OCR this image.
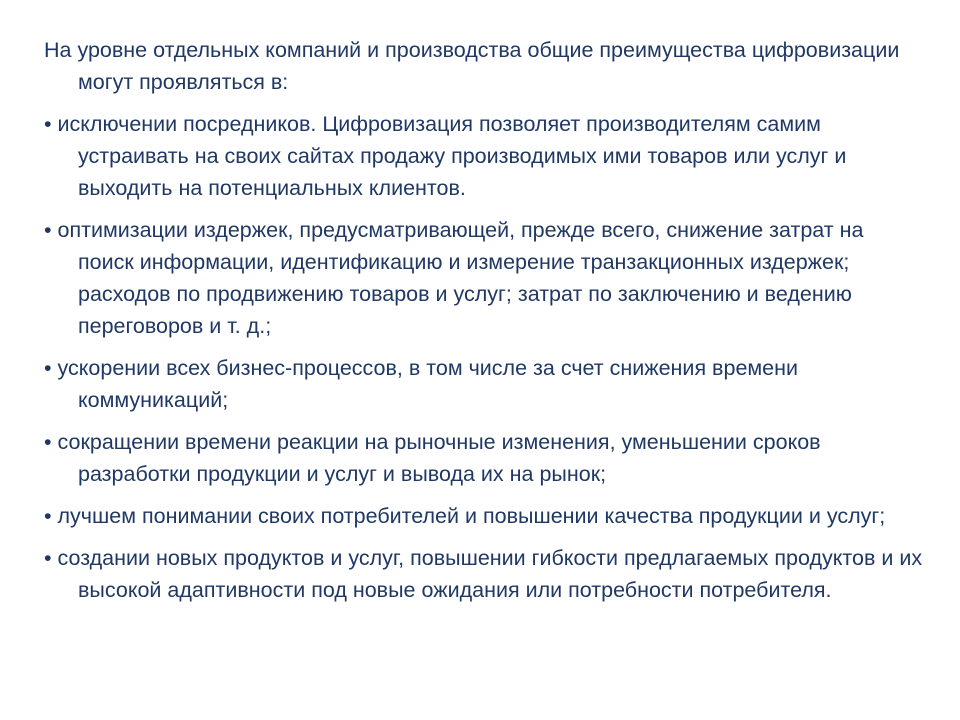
На уровне отдельных компаний и производства общие преимущества цифровизации могут проявляться в:

• исключении посредников. Цифровизация позволяет производителям самим устраивать на своих сайтах продажу производимых ими товаров или услуг и выходить на потенциальных клиентов.

• оптимизации издержек, предусматривающей, прежде всего, снижение затрат на поиск информации, идентификацию и измерение транзакционных издержек; расходов по продвижению товаров и услуг; затрат по заключению и ведению переговоров и т. д.;

• ускорении всех бизнес-процессов, в том числе за счет снижения времени коммуникаций;

• сокращении времени реакции на рыночные изменения, уменьшении сроков разработки продукции и услуг и вывода их на рынок;

• лучшем понимании своих потребителей и повышении качества продукции и услуг;

• создании новых продуктов и услуг, повышении гибкости предлагаемых продуктов и их высокой адаптивности под новые ожидания или потребности потребителя.
